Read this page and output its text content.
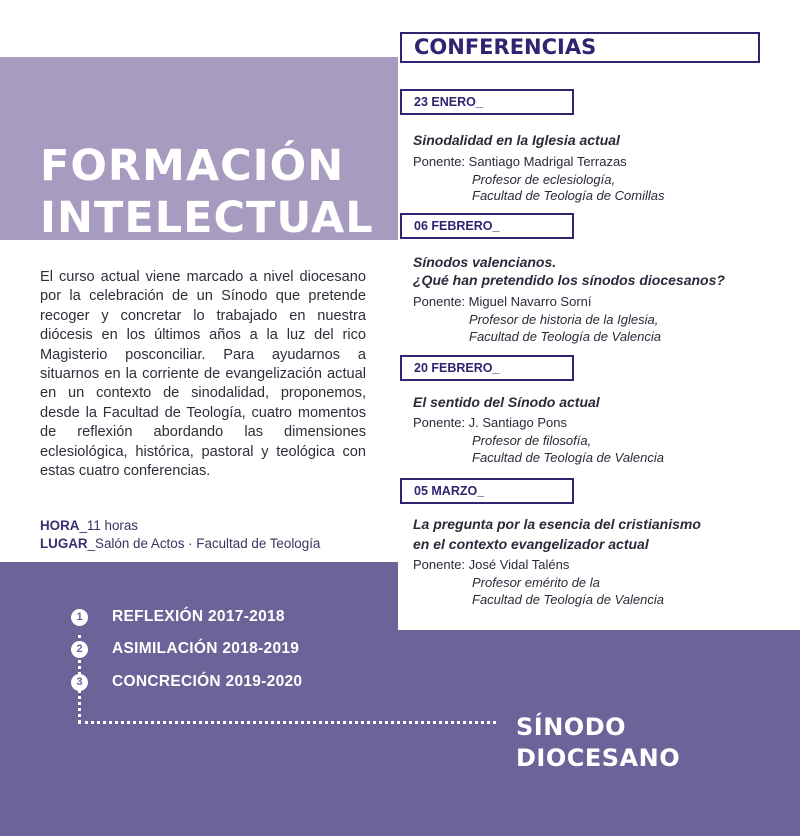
FORMACIÓN
INTELECTUAL

El curso actual viene marcado a nivel diocesano por la celebración de un Sínodo que pretende recoger y concretar lo trabajado en nuestra diócesis en los últimos años a la luz del rico Magisterio posconciliar. Para ayudarnos a situarnos en la corriente de evangelización actual en un contexto de sinodalidad, proponemos, desde la Facultad de Teología, cuatro momentos de reflexión abordando las dimensiones eclesiológica, histórica, pastoral y teológica con estas cuatro conferencias.

HORA_11 horas
LUGAR_Salón de Actos · Facultad de Teología
CONFERENCIAS
23 ENERO_
Sinodalidad en la Iglesia actual
Ponente: Santiago Madrigal Terrazas
Profesor de eclesiología,
Facultad de Teología de Comillas
06 FEBRERO_
Sínodos valencianos.
¿Qué han pretendido los sínodos diocesanos?
Ponente: Miguel Navarro Sorní
Profesor de historia de la Iglesia,
Facultad de Teología de Valencia
20 FEBRERO_
El sentido del Sínodo actual
Ponente: J. Santiago Pons
Profesor de filosofía,
Facultad de Teología de Valencia
05 MARZO_
La pregunta por la esencia del cristianismo
en el contexto evangelizador actual
Ponente: José Vidal Taléns
Profesor emérito de la
Facultad de Teología de Valencia
1	REFLEXIÓN 2017-2018
2	ASIMILACIÓN 2018-2019
3	CONCRECIÓN 2019-2020
SÍNODO
DIOCESANO
